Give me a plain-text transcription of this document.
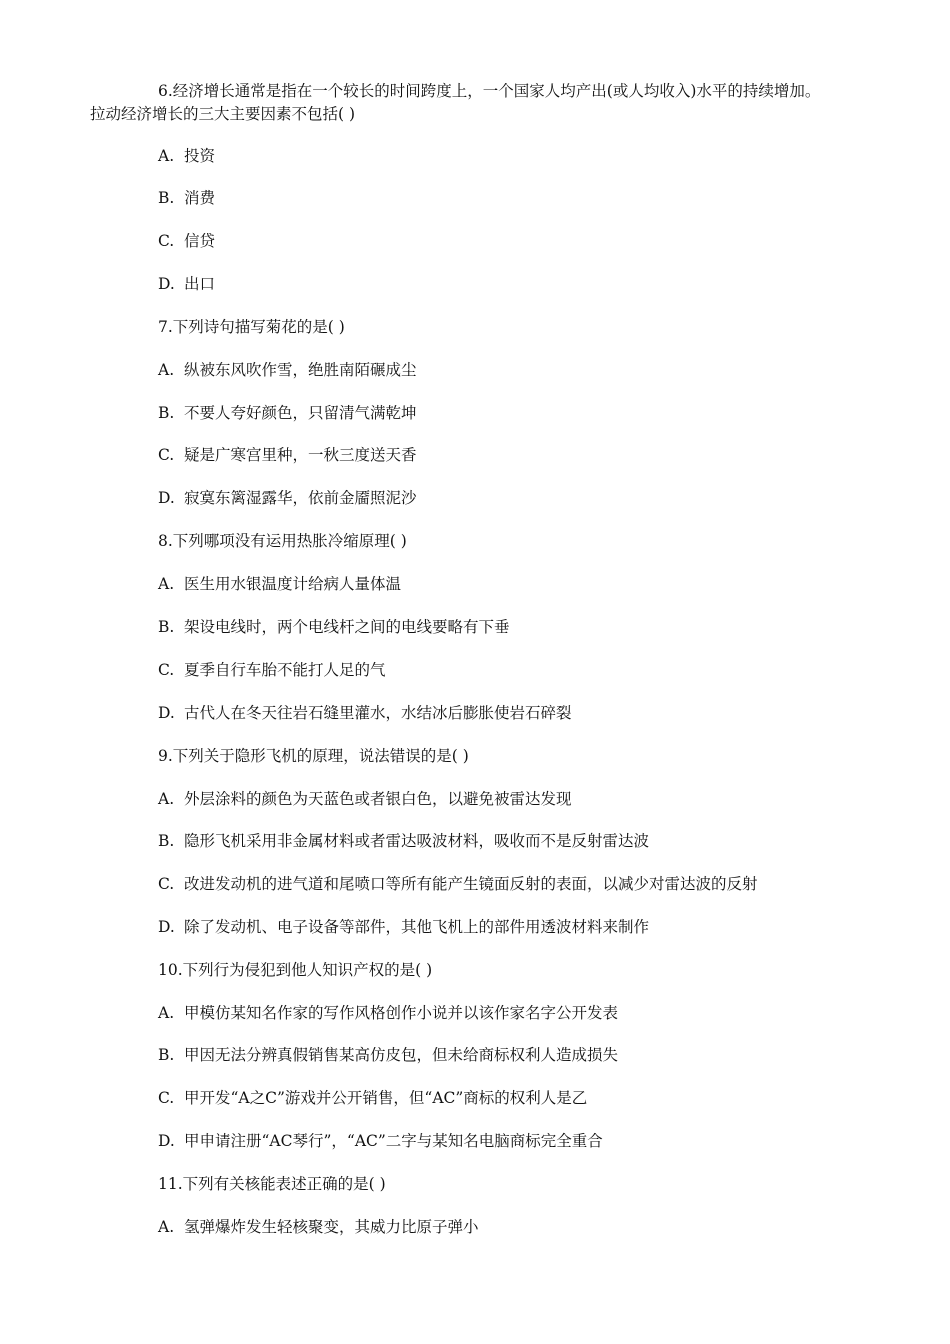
6.经济增长通常是指在一个较长的时间跨度上，一个国家人均产出(或人均收入)水平的持续增加。
拉动经济增长的三大主要因素不包括( )
A. 投资
B. 消费
C. 信贷
D. 出口
7.下列诗句描写菊花的是( )
A. 纵被东风吹作雪，绝胜南陌碾成尘
B. 不要人夸好颜色，只留清气满乾坤
C. 疑是广寒宫里种，一秋三度送天香
D. 寂寞东篱湿露华，依前金靥照泥沙
8.下列哪项没有运用热胀冷缩原理( )
A. 医生用水银温度计给病人量体温
B. 架设电线时，两个电线杆之间的电线要略有下垂
C. 夏季自行车胎不能打人足的气
D. 古代人在冬天往岩石缝里灌水，水结冰后膨胀使岩石碎裂
9.下列关于隐形飞机的原理，说法错误的是( )
A. 外层涂料的颜色为天蓝色或者银白色，以避免被雷达发现
B. 隐形飞机采用非金属材料或者雷达吸波材料，吸收而不是反射雷达波
C. 改进发动机的进气道和尾喷口等所有能产生镜面反射的表面，以减少对雷达波的反射
D. 除了发动机、电子设备等部件，其他飞机上的部件用透波材料来制作
10.下列行为侵犯到他人知识产权的是( )
A. 甲模仿某知名作家的写作风格创作小说并以该作家名字公开发表
B. 甲因无法分辨真假销售某高仿皮包，但未给商标权利人造成损失
C. 甲开发“A之C”游戏并公开销售，但“AC”商标的权利人是乙
D. 甲申请注册“AC琴行”，“AC”二字与某知名电脑商标完全重合
11.下列有关核能表述正确的是( )
A. 氢弹爆炸发生轻核聚变，其威力比原子弹小
